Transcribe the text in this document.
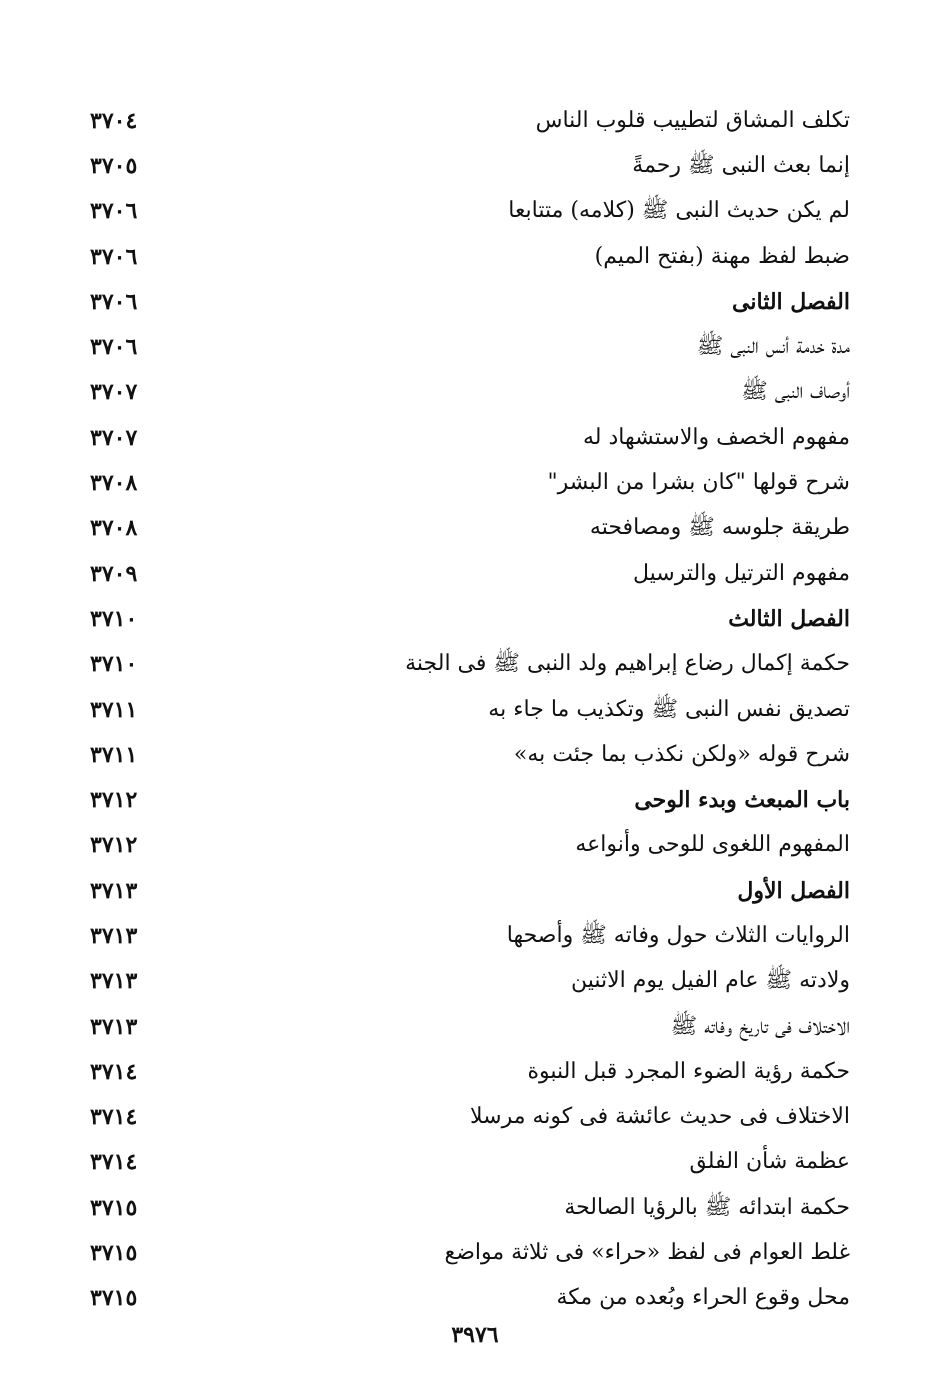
تكلف المشاق لتطييب قلوب الناس
٣٧٠٤
إنما بعث النبى ﷺ رحمةً
٣٧٠٥
لم يكن حديث النبى ﷺ (كلامه) متتابعا
٣٧٠٦
ضبط لفظ مهنة (بفتح الميم)
٣٧٠٦
الفصل الثانى
٣٧٠٦
مدة خدمة أنس النبى ﷺ
٣٧٠٦
أوصاف النبى ﷺ
٣٧٠٧
مفهوم الخصف والاستشهاد له
٣٧٠٧
شرح قولها "كان بشرا من البشر"
٣٧٠٨
طريقة جلوسه ﷺ ومصافحته
٣٧٠٨
مفهوم الترتيل والترسيل
٣٧٠٩
الفصل الثالث
٣٧١٠
حكمة إكمال رضاع إبراهيم ولد النبى ﷺ فى الجنة
٣٧١٠
تصديق نفس النبى ﷺ وتكذيب ما جاء به
٣٧١١
شرح قوله «ولكن نكذب بما جئت به»
٣٧١١
باب المبعث وبدء الوحى
٣٧١٢
المفهوم اللغوى للوحى وأنواعه
٣٧١٢
الفصل الأول
٣٧١٣
الروايات الثلاث حول وفاته ﷺ وأصحها
٣٧١٣
ولادته ﷺ عام الفيل يوم الاثنين
٣٧١٣
الاختلاف فى تاريخ وفاته ﷺ
٣٧١٣
حكمة رؤية الضوء المجرد قبل النبوة
٣٧١٤
الاختلاف فى حديث عائشة فى كونه مرسلا
٣٧١٤
عظمة شأن الفلق
٣٧١٤
حكمة ابتدائه ﷺ بالرؤيا الصالحة
٣٧١٥
غلط العوام فى لفظ «حراء» فى ثلاثة مواضع
٣٧١٥
محل وقوع الحراء وبُعده من مكة
٣٧١٥
٣٩٧٦
